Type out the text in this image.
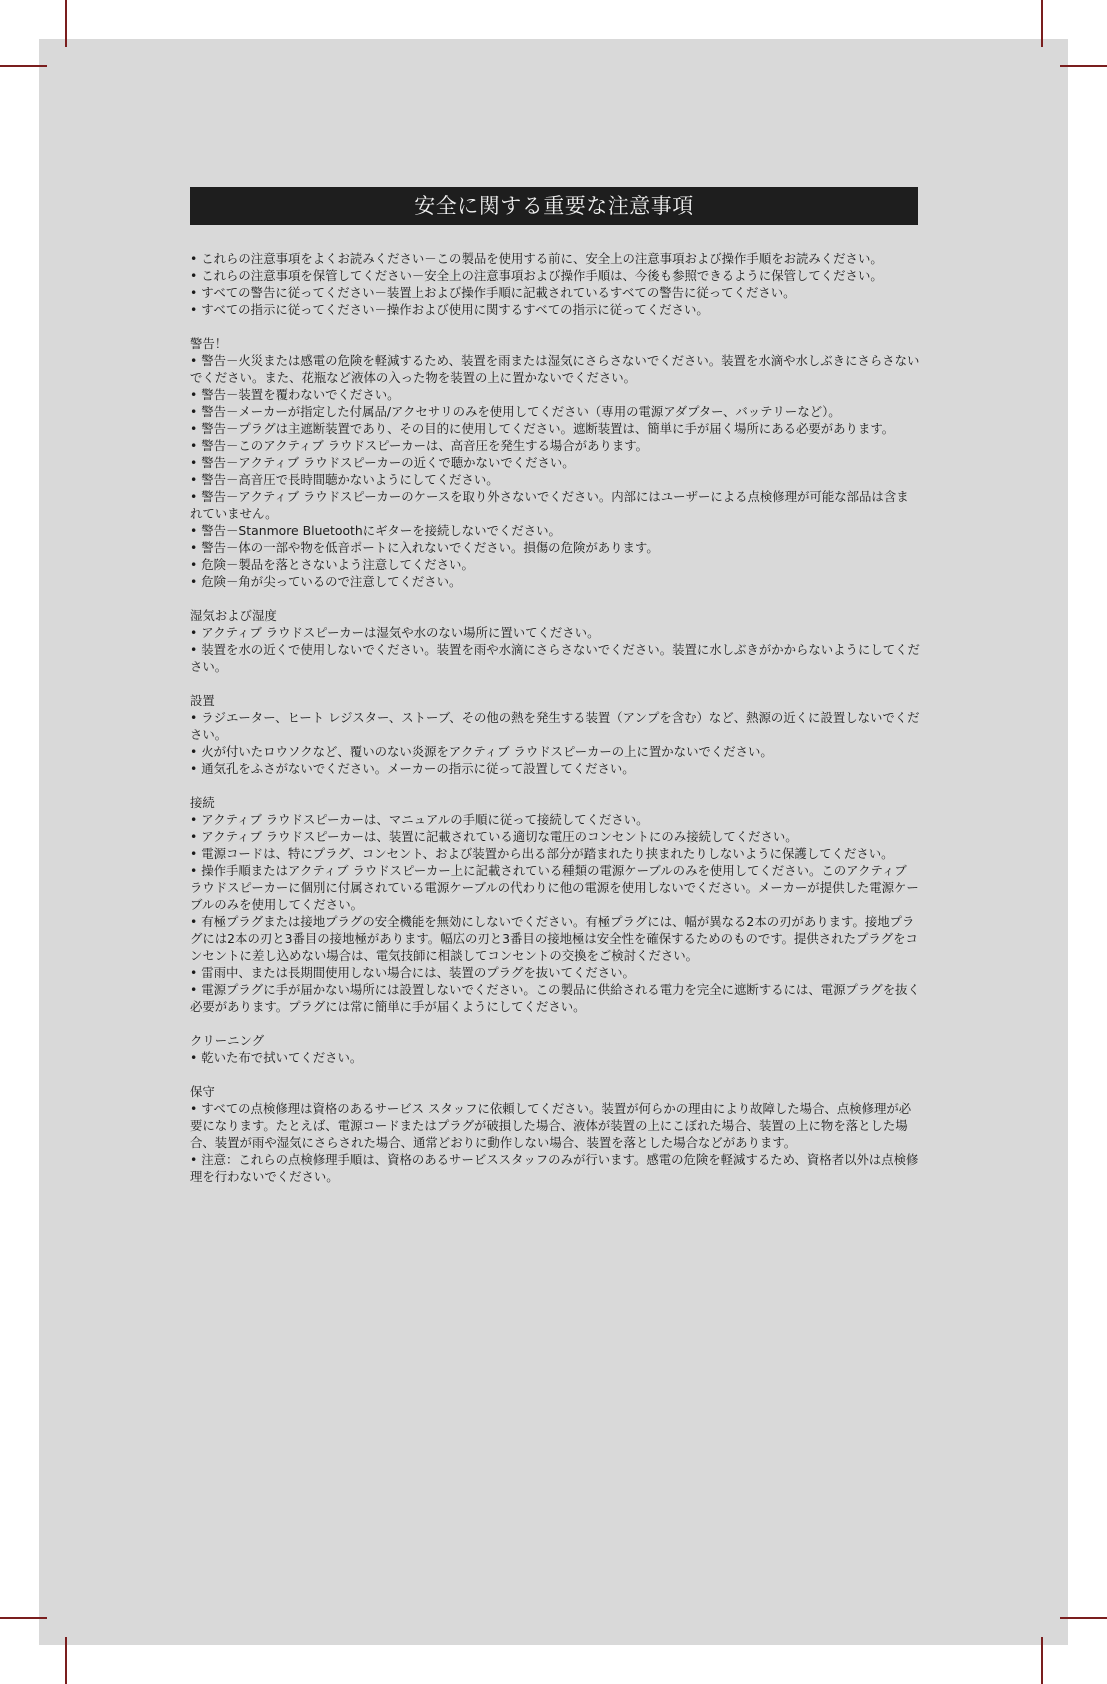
安全に関する重要な注意事項

• これらの注意事項をよくお読みください－この製品を使用する前に、安全上の注意事項および操作手順をお読みください。

• これらの注意事項を保管してください－安全上の注意事項および操作手順は、今後も参照できるように保管してください。

• すべての警告に従ってください－装置上および操作手順に記載されているすべての警告に従ってください。

• すべての指示に従ってください－操作および使用に関するすべての指示に従ってください。

警告！

• 警告－火災または感電の危険を軽減するため、装置を雨または湿気にさらさないでください。装置を水滴や水しぶきにさらさないでください。また、花瓶など液体の入った物を装置の上に置かないでください。

• 警告－装置を覆わないでください。

• 警告－メーカーが指定した付属品/アクセサリのみを使用してください（専用の電源アダプター、バッテリーなど）。

• 警告－プラグは主遮断装置であり、その目的に使用してください。遮断装置は、簡単に手が届く場所にある必要があります。

• 警告－このアクティブ ラウドスピーカーは、高音圧を発生する場合があります。

• 警告－アクティブ ラウドスピーカーの近くで聴かないでください。

• 警告－高音圧で長時間聴かないようにしてください。

• 警告－アクティブ ラウドスピーカーのケースを取り外さないでください。内部にはユーザーによる点検修理が可能な部品は含まれていません。

• 警告－Stanmore Bluetoothにギターを接続しないでください。

• 警告－体の一部や物を低音ポートに入れないでください。損傷の危険があります。

• 危険－製品を落とさないよう注意してください。

• 危険－角が尖っているので注意してください。

湿気および湿度

• アクティブ ラウドスピーカーは湿気や水のない場所に置いてください。

• 装置を水の近くで使用しないでください。装置を雨や水滴にさらさないでください。装置に水しぶきがかからないようにしてください。

設置

• ラジエーター、ヒート レジスター、ストーブ、その他の熱を発生する装置（アンプを含む）など、熱源の近くに設置しないでください。

• 火が付いたロウソクなど、覆いのない炎源をアクティブ ラウドスピーカーの上に置かないでください。

• 通気孔をふさがないでください。メーカーの指示に従って設置してください。

接続

• アクティブ ラウドスピーカーは、マニュアルの手順に従って接続してください。

• アクティブ ラウドスピーカーは、装置に記載されている適切な電圧のコンセントにのみ接続してください。

• 電源コードは、特にプラグ、コンセント、および装置から出る部分が踏まれたり挟まれたりしないように保護してください。

• 操作手順またはアクティブ ラウドスピーカー上に記載されている種類の電源ケーブルのみを使用してください。このアクティブ ラウドスピーカーに個別に付属されている電源ケーブルの代わりに他の電源を使用しないでください。メーカーが提供した電源ケーブルのみを使用してください。

• 有極プラグまたは接地プラグの安全機能を無効にしないでください。有極プラグには、幅が異なる2本の刃があります。接地プラグには2本の刃と3番目の接地極があります。幅広の刃と3番目の接地極は安全性を確保するためのものです。提供されたプラグをコンセントに差し込めない場合は、電気技師に相談してコンセントの交換をご検討ください。

• 雷雨中、または長期間使用しない場合には、装置のプラグを抜いてください。

• 電源プラグに手が届かない場所には設置しないでください。この製品に供給される電力を完全に遮断するには、電源プラグを抜く必要があります。プラグには常に簡単に手が届くようにしてください。

クリーニング

• 乾いた布で拭いてください。

保守

• すべての点検修理は資格のあるサービス スタッフに依頼してください。装置が何らかの理由により故障した場合、点検修理が必要になります。たとえば、電源コードまたはプラグが破損した場合、液体が装置の上にこぼれた場合、装置の上に物を落とした場合、装置が雨や湿気にさらされた場合、通常どおりに動作しない場合、装置を落とした場合などがあります。

• 注意：これらの点検修理手順は、資格のあるサービススタッフのみが行います。感電の危険を軽減するため、資格者以外は点検修理を行わないでください。
